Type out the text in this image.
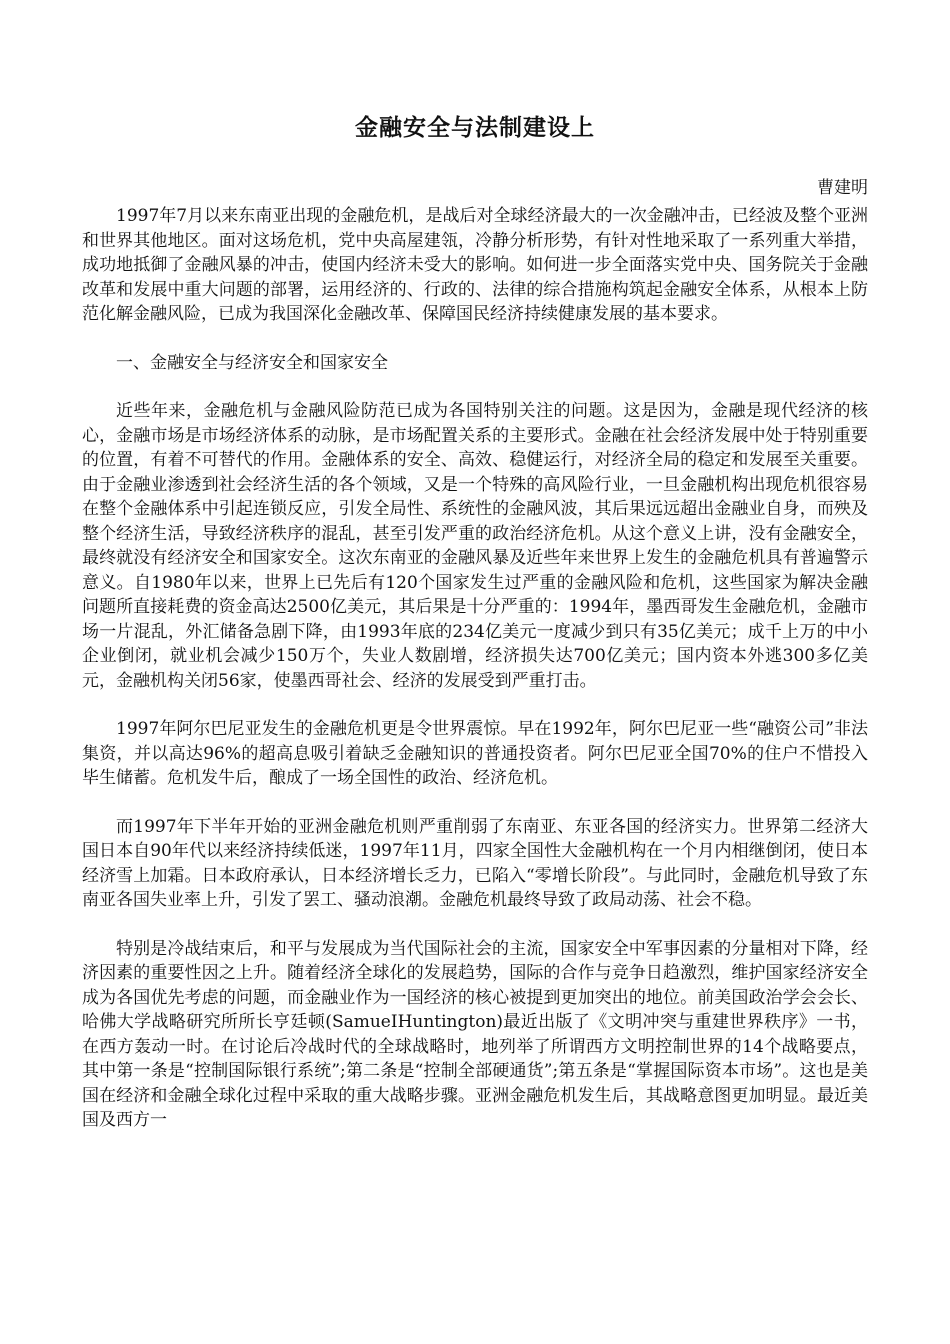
金融安全与法制建设上
曹建明

1997年7月以来东南亚出现的金融危机，是战后对全球经济最大的一次金融冲击，已经波及整个亚洲和世界其他地区。面对这场危机，党中央高屋建瓴，冷静分析形势，有针对性地采取了一系列重大举措，成功地抵御了金融风暴的冲击，使国内经济未受大的影响。如何进一步全面落实党中央、国务院关于金融改革和发展中重大问题的部署，运用经济的、行政的、法律的综合措施构筑起金融安全体系，从根本上防范化解金融风险，已成为我国深化金融改革、保障国民经济持续健康发展的基本要求。

一、金融安全与经济安全和国家安全

近些年来，金融危机与金融风险防范已成为各国特别关注的问题。这是因为，金融是现代经济的核心，金融市场是市场经济体系的动脉，是市场配置关系的主要形式。金融在社会经济发展中处于特别重要的位置，有着不可替代的作用。金融体系的安全、高效、稳健运行，对经济全局的稳定和发展至关重要。由于金融业渗透到社会经济生活的各个领域，又是一个特殊的高风险行业，一旦金融机构出现危机很容易在整个金融体系中引起连锁反应，引发全局性、系统性的金融风波，其后果远远超出金融业自身，而殃及整个经济生活，导致经济秩序的混乱，甚至引发严重的政治经济危机。从这个意义上讲，没有金融安全，最终就没有经济安全和国家安全。这次东南亚的金融风暴及近些年来世界上发生的金融危机具有普遍警示意义。自1980年以来，世界上已先后有120个国家发生过严重的金融风险和危机，这些国家为解决金融问题所直接耗费的资金高达2500亿美元，其后果是十分严重的：1994年，墨西哥发生金融危机，金融市场一片混乱，外汇储备急剧下降，由1993年底的234亿美元一度减少到只有35亿美元；成千上万的中小企业倒闭，就业机会减少150万个，失业人数剧增，经济损失达700亿美元；国内资本外逃300多亿美元，金融机构关闭56家，使墨西哥社会、经济的发展受到严重打击。

1997年阿尔巴尼亚发生的金融危机更是令世界震惊。早在1992年，阿尔巴尼亚一些“融资公司”非法集资，并以高达96%的超高息吸引着缺乏金融知识的普通投资者。阿尔巴尼亚全国70%的住户不惜投入毕生储蓄。危机发牛后，酿成了一场全国性的政治、经济危机。

而1997年下半年开始的亚洲金融危机则严重削弱了东南亚、东亚各国的经济实力。世界第二经济大国日本自90年代以来经济持续低迷，1997年11月，四家全国性大金融机构在一个月内相继倒闭，使日本经济雪上加霜。日本政府承认，日本经济增长乏力，已陷入“零增长阶段”。与此同时，金融危机导致了东南亚各国失业率上升，引发了罢工、骚动浪潮。金融危机最终导致了政局动荡、社会不稳。

特别是冷战结束后，和平与发展成为当代国际社会的主流，国家安全中军事因素的分量相对下降，经济因素的重要性因之上升。随着经济全球化的发展趋势，国际的合作与竞争日趋激烈，维护国家经济安全成为各国优先考虑的问题，而金融业作为一国经济的核心被提到更加突出的地位。前美国政治学会会长、哈佛大学战略研究所所长亨廷顿(SamueIHuntington)最近出版了《文明冲突与重建世界秩序》一书，在西方轰动一时。在讨论后冷战时代的全球战略时，地列举了所谓西方文明控制世界的14个战略要点，其中第一条是“控制国际银行系统”;第二条是“控制全部硬通货”;第五条是“掌握国际资本市场”。这也是美国在经济和金融全球化过程中采取的重大战略步骤。亚洲金融危机发生后，其战略意图更加明显。最近美国及西方一
